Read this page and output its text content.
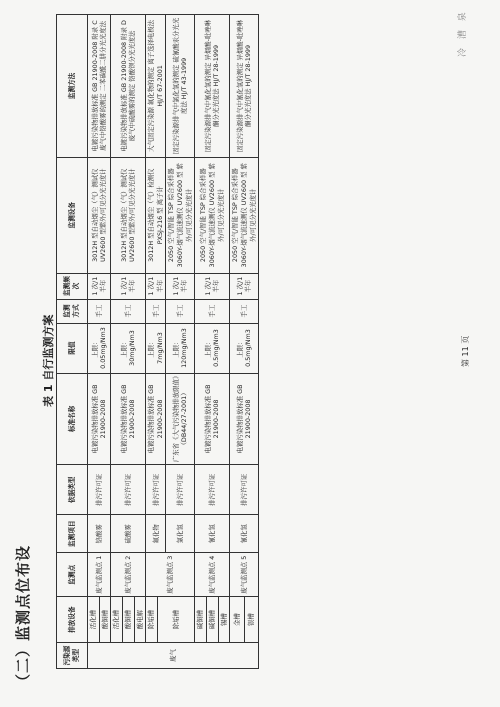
（二）监测点位布设
表 1 自行监测方案
污染源类型	排放设备	监测点	监测项目	依据类型	标准名称	限值	监测方式	监测频次	监测设备	监测方法
废气	活化槽	废气监测点 1	铬酸雾	排污许可证	电镀污染物排放标准 GB 21900-2008	上限：0.05mg/Nm3	手工	1 次/1 半年	3012H 型自动烟尘（气）测试仪 UV2600 型紫外/可见分光光度计	电镀污染物排放标准 GB 21900-2008 附录 C 废气中铬酸雾的测定 二苯碳酰二肼分光光度法
	酸铜槽									
	活化槽	废气监测点 2	硫酸雾	排污许可证	电镀污染物排放标准 GB 21900-2008	上限：30mg/Nm3	手工	1 次/1 半年	3012H 型自动烟尘（气）测试仪 UV2600 型紫外/可见分光光度计	电镀污染物排放标准 GB 21900-2008 附录 D 废气中硫酸雾的测定 铬酸钡分光光度法
	酸铜槽									
	酸电解									
	除垢槽	废气监测点 3	氟化物	排污许可证	电镀污染物排放标准 GB 21900-2008	上限：7mg/Nm3	手工	1 次/1 半年	3012H 型自动烟尘（气）检测仪 PXSJ-216 型 离子计	大气固定污染源 氟化物的测定 离子选择电极法 HJ/T 67-2001
	除垢槽									
			氯化氢	排污许可证	广东省《大气污染物排放限值》（DB44/27-2001）	上限：120mg/Nm3	手工	1 次/1 半年	2050 空气/智能 TSP 综合采样器 3060Y-烟气流速测仪 UV2600 型 紫外/可见分光光度计	固定污染源排气中氯化氢的测定 硫氰酸汞分光光度法 HJ/T 43-1999

	碱铜槽	废气监测点 4	氰化氢	排污许可证	电镀污染物排放标准 GB 21900-2008	上限：0.5mg/Nm3	手工	1 次/1 半年	2050 空气/智能 TSP 综合采样器 3060Y-烟气流速测仪 UV2600 型 紫外/可见分光光度计	固定污染源排气中氰化氢的测定 异烟酸-吡唑啉酮分光光度法 HJ/T 28-1999
	碱铜槽									
	锡槽									
	金槽	废气监测点 5	氰化氢	排污许可证	电镀污染物排放标准 GB 21900-2008	上限：0.5mg/Nm3	手工	1 次/1 半年	2050 空气/智能 TSP 综合采样器 3060Y-烟气流速测仪 UV2600 型 紫外/可见分光光度计	固定污染源排气中氰化氢的测定 异烟酸-吡唑啉酮分光光度法 HJ/T 28-1999
	银槽									
第 11 页
冷 漕 泉
